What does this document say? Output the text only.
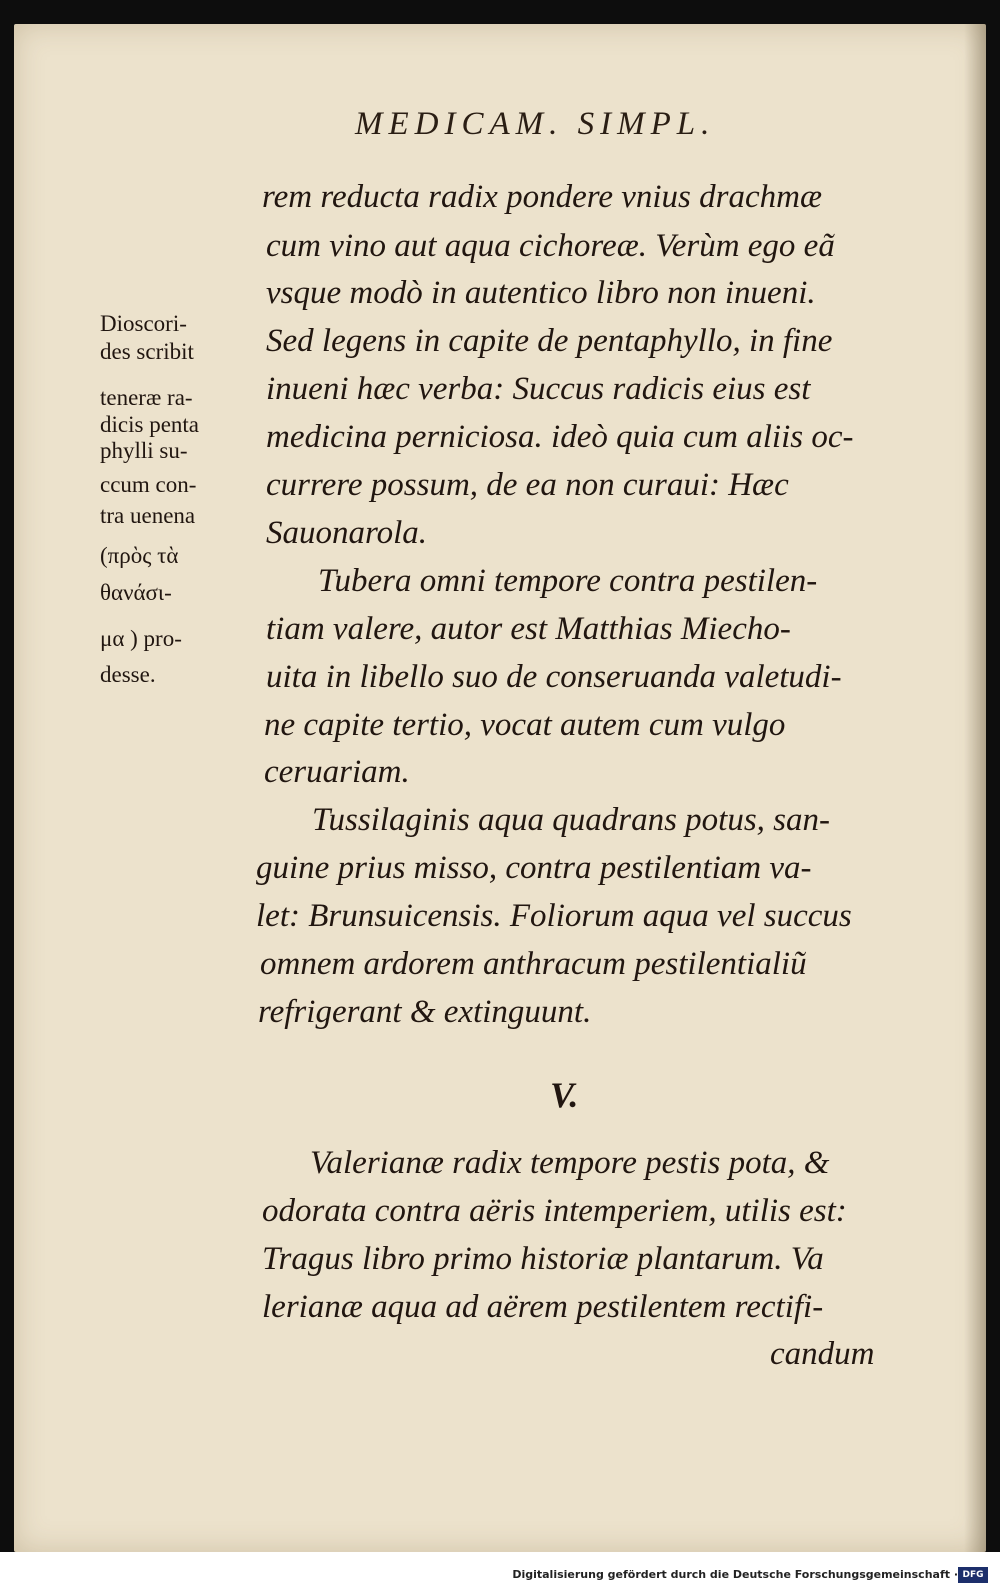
MEDICAM. SIMPL.
rem reducta radix pondere vnius drachmæ
cum vino aut aqua cichoreæ. Verùm ego eã
vsque modò in autentico libro non inueni.
Sed legens in capite de pentaphyllo, in fine
inueni hæc verba: Succus radicis eius est
medicina perniciosa. ideò quia cum aliis oc-
currere possum, de ea non curaui: Hæc
Sauonarola.
Tubera omni tempore contra pestilen-
tiam valere, autor est Matthias Miecho-
uita in libello suo de conseruanda valetudi-
ne capite tertio, vocat autem cum vulgo
ceruariam.
Tussilaginis aqua quadrans potus, san-
guine prius misso, contra pestilentiam va-
let: Brunsuicensis. Foliorum aqua vel succus
omnem ardorem anthracum pestilentialiũ
refrigerant & extinguunt.
V.
Valerianæ radix tempore pestis pota, &
odorata contra aëris intemperiem, utilis est:
Tragus libro primo historiæ plantarum. Va
lerianæ aqua ad aërem pestilentem rectifi-
candum
Dioscori-
des scribit
teneræ ra-
dicis penta
phylli su-
ccum con-
tra uenena
(πρὸς τὰ
θανάσι-
μα ) pro-
desse.
Digitalisierung gefördert durch die Deutsche Forschungsgemeinschaft · DFG
